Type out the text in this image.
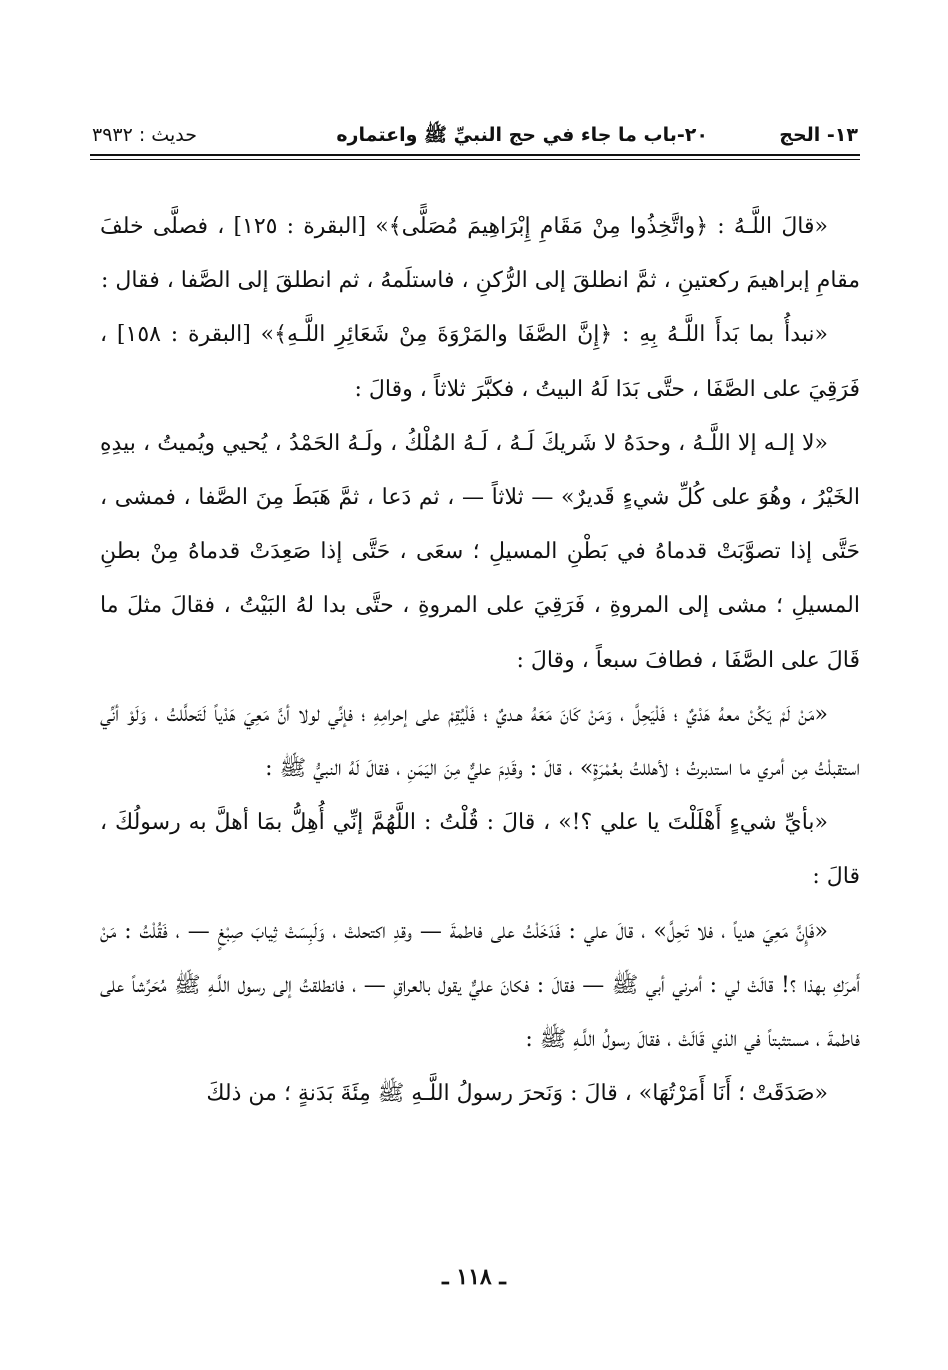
١٣- الحج
٢٠-باب ما جاء في حج النبيِّ ﷺ واعتماره
حديث : ٣٩٣٢

«قالَ اللَّـهُ : ﴿واتَّخِذُوا مِنْ مَقَامِ إِبْرَاهِيمَ مُصَلًّى﴾» [البقرة : ١٢٥] ، فصلَّى خلفَ مقامِ إبراهيمَ ركعتينِ ، ثمَّ انطلقَ إلى الرُّكنِ ، فاستلَمهُ ، ثم انطلقَ إلى الصَّفا ، فقال :

«نبدأُ بما بَدأَ اللَّـهُ بِهِ : ﴿إِنَّ الصَّفَا والمَرْوَةَ مِنْ شَعَائِرِ اللَّـهِ﴾» [البقرة : ١٥٨] ، فَرَقِيَ على الصَّفَا ، حتَّى بَدَا لَهُ البيتُ ، فكبَّرَ ثلاثاً ، وقالَ :

«لا إلـه إلا اللَّـهُ ، وحدَهُ لا شَريكَ لَـهُ ، لَـهُ المُلْكُ ، ولَـهُ الحَمْدُ ، يُحيي ويُميتُ ، بيدِهِ الخَيْرُ ، وهُوَ على كُلِّ شيءٍ قَديرٌ» — ثلاثاً — ، ثم دَعا ، ثمَّ هَبَطَ مِنَ الصَّفا ، فمشى ، حَتَّى إذا تصوَّبَتْ قدماهُ في بَطْنِ المسيلِ ؛ سعَى ، حَتَّى إذا صَعِدَتْ قدماهُ مِنْ بطنِ المسيلِ ؛ مشى إلى المروةِ ، فَرَقِيَ على المروةِ ، حتَّى بدا لهُ البَيْتُ ، فقالَ مثلَ ما قَالَ على الصَّفَا ، فطافَ سبعاً ، وقالَ :

«مَنْ لَمْ يَكُنْ معهُ هَدْيٌ ؛ فَلْيَحِلَّ ، وَمَنْ كَانَ مَعَهُ هـديٌ ؛ فَلْيُقِمْ على إحرامِهِ ؛ فإنِّي لولا أنَّ مَعِيَ هَدْياً لَتَحلَّلتُ ، وَلَوْ أنِّي استقبلْتُ مِن أمري ما استدبرتُ ؛ لأهللتُ بعُمْرَةٍ» ، قالَ : وقَدِمَ عليٌّ مِنَ اليَمَنِ ، فقالَ لَهُ النبيُّ ﷺ :

«بأيِّ شيءٍ أَهْلَلْتَ يا علي ؟!» ، قالَ : قُلْتُ : اللَّهُمَّ إنِّي أُهِلُّ بمَا أهلَّ به رسولُكَ ، قالَ :

«فَإِنَّ مَعِيَ هدياً ، فلا تَحِلَّ» ، قالَ علي : فَدَخَلْتُ على فاطمةَ — وقدِ اكتحلتْ ، وَلَبِسَتْ ثِيابَ صِبْغٍ — ، فَقُلْتُ : مَنْ أَمرَكِ بهذا ؟! قالَتْ لي : أمرني أبي ﷺ — فقالَ : فكانَ عليٌّ يقول بالعراقِ — ، فانطلقتُ إلى رسول اللَّـهِ ﷺ مُحَرِّشاً على فاطمةَ ، مستثبتاً في الذي قَالَتْ ، فقالَ رسولُ اللَّـهِ ﷺ :

«صَدَقَتْ ؛ أَنَا أَمَرْتُهَا» ، قالَ : وَنَحرَ رسولُ اللَّـهِ ﷺ مِئَةَ بَدَنةٍ ؛ من ذلكَ

ـ ١١٨ ـ
